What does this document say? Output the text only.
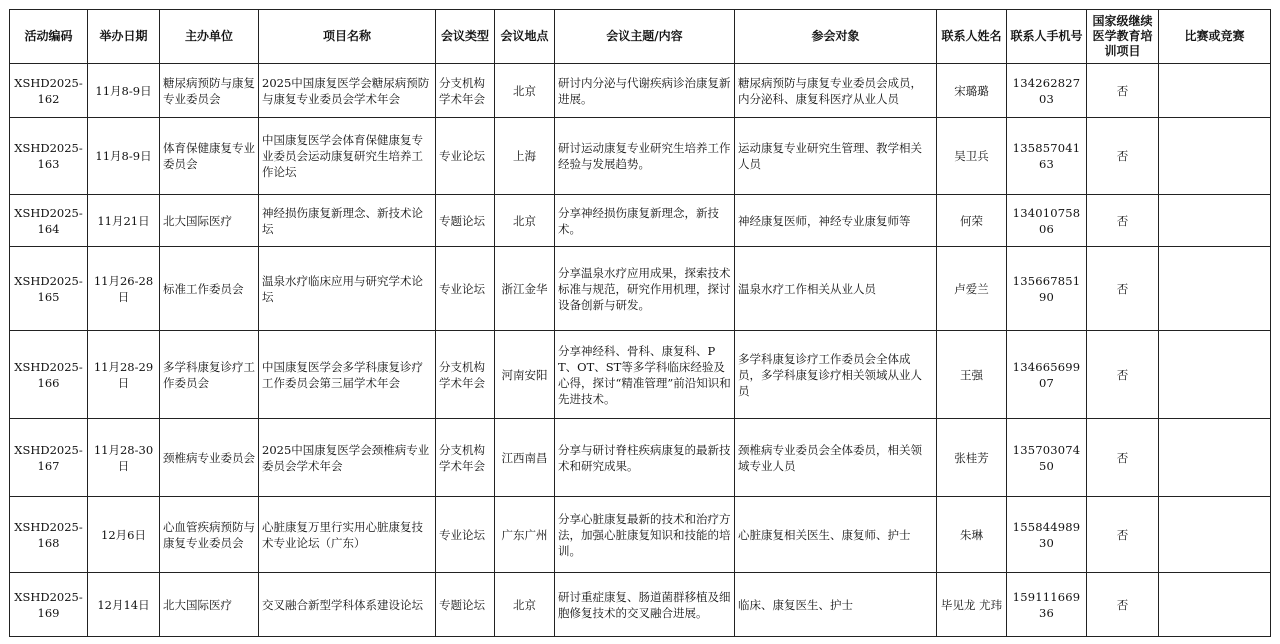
活动编码	举办日期	主办单位	项目名称	会议类型	会议地点	会议主题/内容	参会对象	联系人姓名	联系人手机号	国家级继续医学教育培训项目	比赛或竞赛
XSHD2025-162	11月8-9日	糖尿病预防与康复专业委员会	2025中国康复医学会糖尿病预防与康复专业委员会学术年会	分支机构学术年会	北京	研讨内分泌与代谢疾病诊治康复新进展。	糖尿病预防与康复专业委员会成员，内分泌科、康复科医疗从业人员	宋璐璐	13426282703	否	
XSHD2025-163	11月8-9日	体育保健康复专业委员会	中国康复医学会体育保健康复专业委员会运动康复研究生培养工作论坛	专业论坛	上海	研讨运动康复专业研究生培养工作经验与发展趋势。	运动康复专业研究生管理、教学相关人员	吴卫兵	13585704163	否	
XSHD2025-164	11月21日	北大国际医疗	神经损伤康复新理念、新技术论坛	专题论坛	北京	分享神经损伤康复新理念，新技术。	神经康复医师，神经专业康复师等	何荣	13401075806	否	
XSHD2025-165	11月26-28日	标准工作委员会	温泉水疗临床应用与研究学术论坛	专业论坛	浙江金华	分享温泉水疗应用成果，探索技术标准与规范，研究作用机理，探讨设备创新与研发。	温泉水疗工作相关从业人员	卢爱兰	13566785190	否	
XSHD2025-166	11月28-29日	多学科康复诊疗工作委员会	中国康复医学会多学科康复诊疗工作委员会第三届学术年会	分支机构学术年会	河南安阳	分享神经科、骨科、康复科、PT、OT、ST等多学科临床经验及心得，探讨“精准管理”前沿知识和先进技术。	多学科康复诊疗工作委员会全体成员，多学科康复诊疗相关领域从业人员	王强	13466569907	否	
XSHD2025-167	11月28-30日	颈椎病专业委员会	2025中国康复医学会颈椎病专业委员会学术年会	分支机构学术年会	江西南昌	分享与研讨脊柱疾病康复的最新技术和研究成果。	颈椎病专业委员会全体委员，相关领域专业人员	张桂芳	13570307450	否	
XSHD2025-168	12月6日	心血管疾病预防与康复专业委员会	心脏康复万里行实用心脏康复技术专业论坛（广东）	专业论坛	广东广州	分享心脏康复最新的技术和治疗方法，加强心脏康复知识和技能的培训。	心脏康复相关医生、康复师、护士	朱琳	15584498930	否	
XSHD2025-169	12月14日	北大国际医疗	交叉融合新型学科体系建设论坛	专题论坛	北京	研讨重症康复、肠道菌群移植及细胞修复技术的交叉融合进展。	临床、康复医生、护士	毕见龙 尤玮	15911166936	否	
